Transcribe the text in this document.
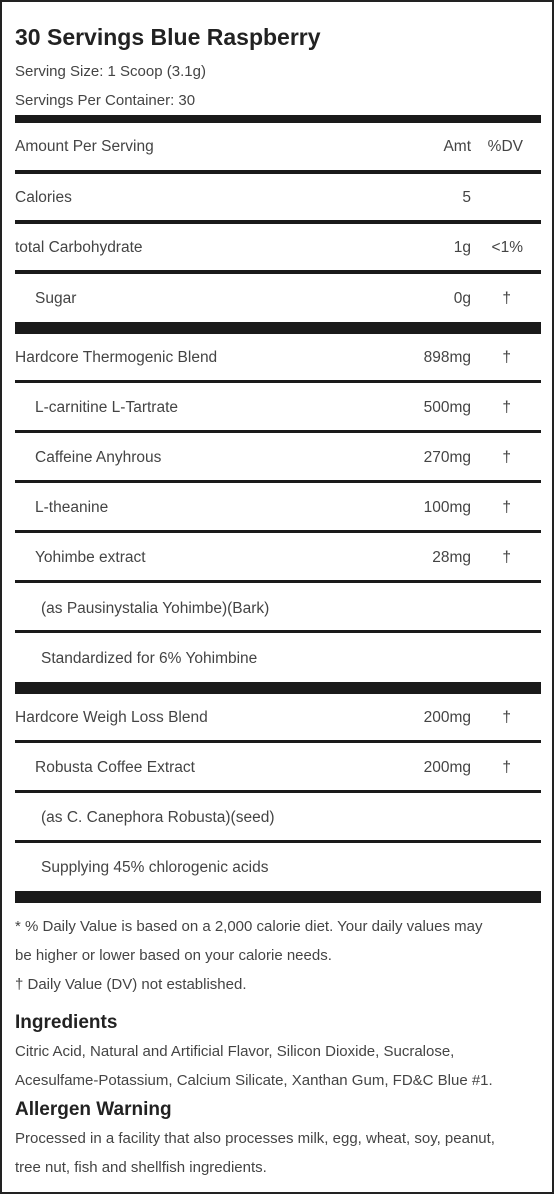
30 Servings Blue Raspberry
Serving Size: 1 Scoop (3.1g)
Servings Per Container: 30
Amount Per Serving	Amt %DV
Calories	5
total Carbohydrate	1g <1%
Sugar	0g †
Hardcore Thermogenic Blend	898mg †
L-carnitine L-Tartrate	500mg †
Caffeine Anyhrous	270mg †
L-theanine	100mg †
Yohimbe extract	28mg †
(as Pausinystalia Yohimbe)(Bark)
Standardized for 6% Yohimbine
Hardcore Weigh Loss Blend	200mg †
Robusta Coffee Extract	200mg †
(as C. Canephora Robusta)(seed)
Supplying 45% chlorogenic acids
* % Daily Value is based on a 2,000 calorie diet. Your daily values may
be higher or lower based on your calorie needs.
† Daily Value (DV) not established.
Ingredients
Citric Acid, Natural and Artificial Flavor, Silicon Dioxide, Sucralose,
Acesulfame-Potassium, Calcium Silicate, Xanthan Gum, FD&C Blue #1.
Allergen Warning
Processed in a facility that also processes milk, egg, wheat, soy, peanut,
tree nut, fish and shellfish ingredients.
